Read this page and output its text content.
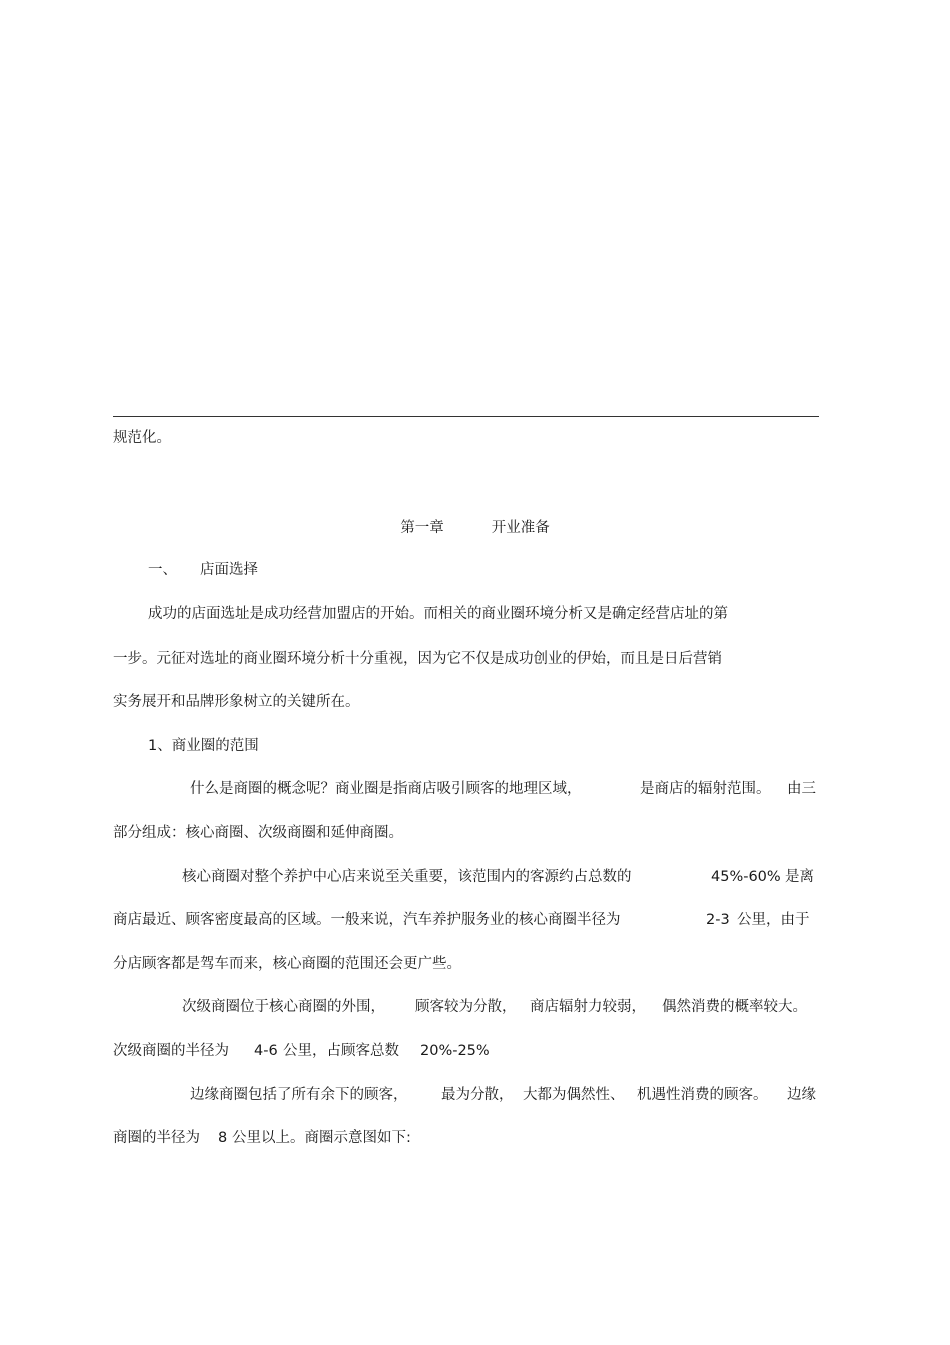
规范化。
第一章	开业准备
一、 店面选择
成功的店面选址是成功经营加盟店的开始。而相关的商业圈环境分析又是确定经营店址的第
一步。元征对选址的商业圈环境分析十分重视，因为它不仅是成功创业的伊始，而且是日后营销
实务展开和品牌形象树立的关键所在。
1、商业圈的范围
什么是商圈的概念呢？商业圈是指商店吸引顾客的地理区域，	是商店的辐射范围。 由三
部分组成：核心商圈、次级商圈和延伸商圈。
核心商圈对整个养护中心店来说至关重要，该范围内的客源约占总数的	45%-60% 是离
商店最近、顾客密度最高的区域。一般来说，汽车养护服务业的核心商圈半径为	2-3 公里，由于
分店顾客都是驾车而来，核心商圈的范围还会更广些。
次级商圈位于核心商圈的外围， 顾客较为分散， 商店辐射力较弱， 偶然消费的概率较大。
次级商圈的半径为 4-6 公里，占顾客总数 20%-25%
边缘商圈包括了所有余下的顾客， 最为分散， 大都为偶然性、 机遇性消费的顾客。 边缘
商圈的半径为 8 公里以上。商圈示意图如下:
